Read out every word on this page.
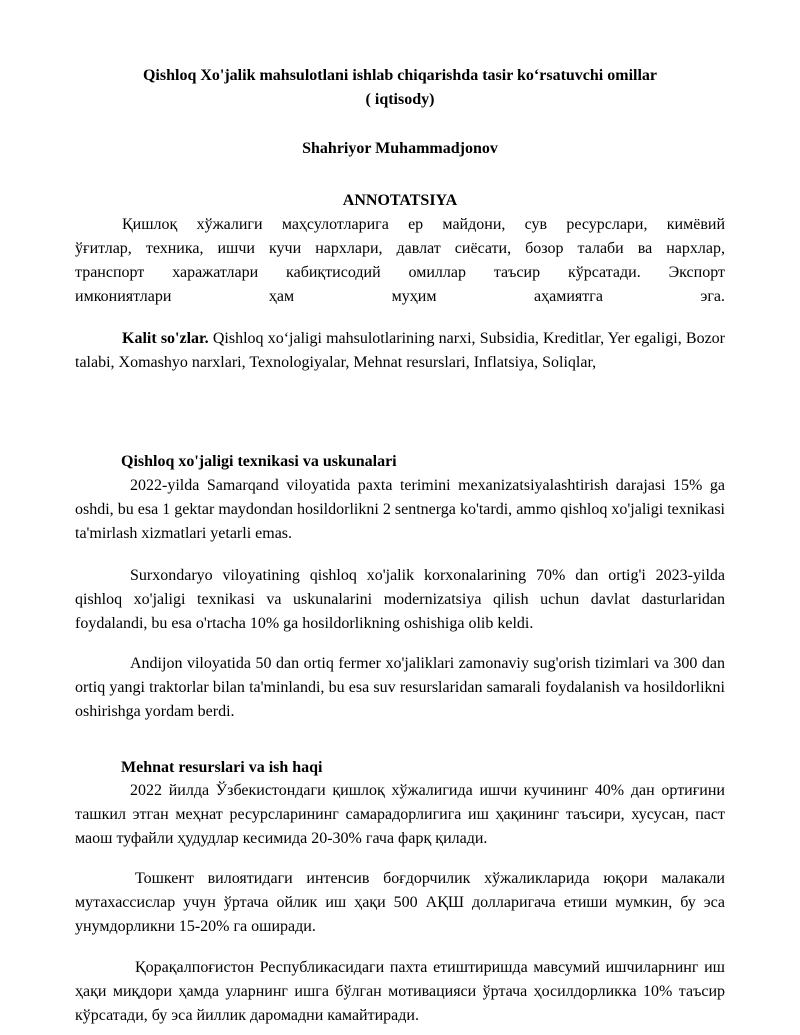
Qishloq Xo'jalik mahsulotlani ishlab chiqarishda tasir ko‘rsatuvchi omillar
( iqtisody)
Shahriyor Muhammadjonov
ANNOTATSIYA
Қишлоқ хўжалиги маҳсулотларига ер майдони, сув ресурслари, кимёвий
ўғитлар, техника, ишчи кучи нархлари, давлат сиёсати, бозор талаби ва нархлар,
транспорт харажатлари кабиқтисодий омиллар таъсир кўрсатади. Экспорт
имкониятлари ҳам муҳим аҳамиятга эга.

Kalit so'zlar. Qishloq xo‘jaligi mahsulotlarining narxi, Subsidia, Kreditlar, Yer egaligi, Bozor talabi, Xomashyo narxlari, Texnologiyalar, Mehnat resurslari, Inflatsiya, Soliqlar,

Qishloq xo'jaligi texnikasi va uskunalari

2022-yilda Samarqand viloyatida paxta terimini mexanizatsiyalashtirish darajasi 15% ga oshdi, bu esa 1 gektar maydondan hosildorlikni 2 sentnerga ko'tardi, ammo qishloq xo'jaligi texnikasi ta'mirlash xizmatlari yetarli emas.

Surxondaryo viloyatining qishloq xo'jalik korxonalarining 70% dan ortig'i 2023-yilda qishloq xo'jaligi texnikasi va uskunalarini modernizatsiya qilish uchun davlat dasturlaridan foydalandi, bu esa o'rtacha 10% ga hosildorlikning oshishiga olib keldi.

Andijon viloyatida 50 dan ortiq fermer xo'jaliklari zamonaviy sug'orish tizimlari va 300 dan ortiq yangi traktorlar bilan ta'minlandi, bu esa suv resurslaridan samarali foydalanish va hosildorlikni oshirishga yordam berdi.

Mehnat resurslari va ish haqi

2022 йилда Ўзбекистондаги қишлоқ хўжалигида ишчи кучининг 40% дан ортиғини ташкил этган меҳнат ресурсларининг самарадорлигига иш ҳақининг таъсири, хусусан, паст маош туфайли ҳудудлар кесимида 20-30% гача фарқ қилади.

Тошкент вилоятидаги интенсив боғдорчилик хўжаликларида юқори малакали мутахассислар учун ўртача ойлик иш ҳақи 500 АҚШ долларигача етиши мумкин, бу эса унумдорликни 15-20% га оширади.

Қорақалпоғистон Республикасидаги пахта етиштиришда мавсумий ишчиларнинг иш ҳақи миқдори ҳамда уларнинг ишга бўлган мотивацияси ўртача ҳосилдорликка 10% таъсир кўрсатади, бу эса йиллик даромадни камайтиради.
